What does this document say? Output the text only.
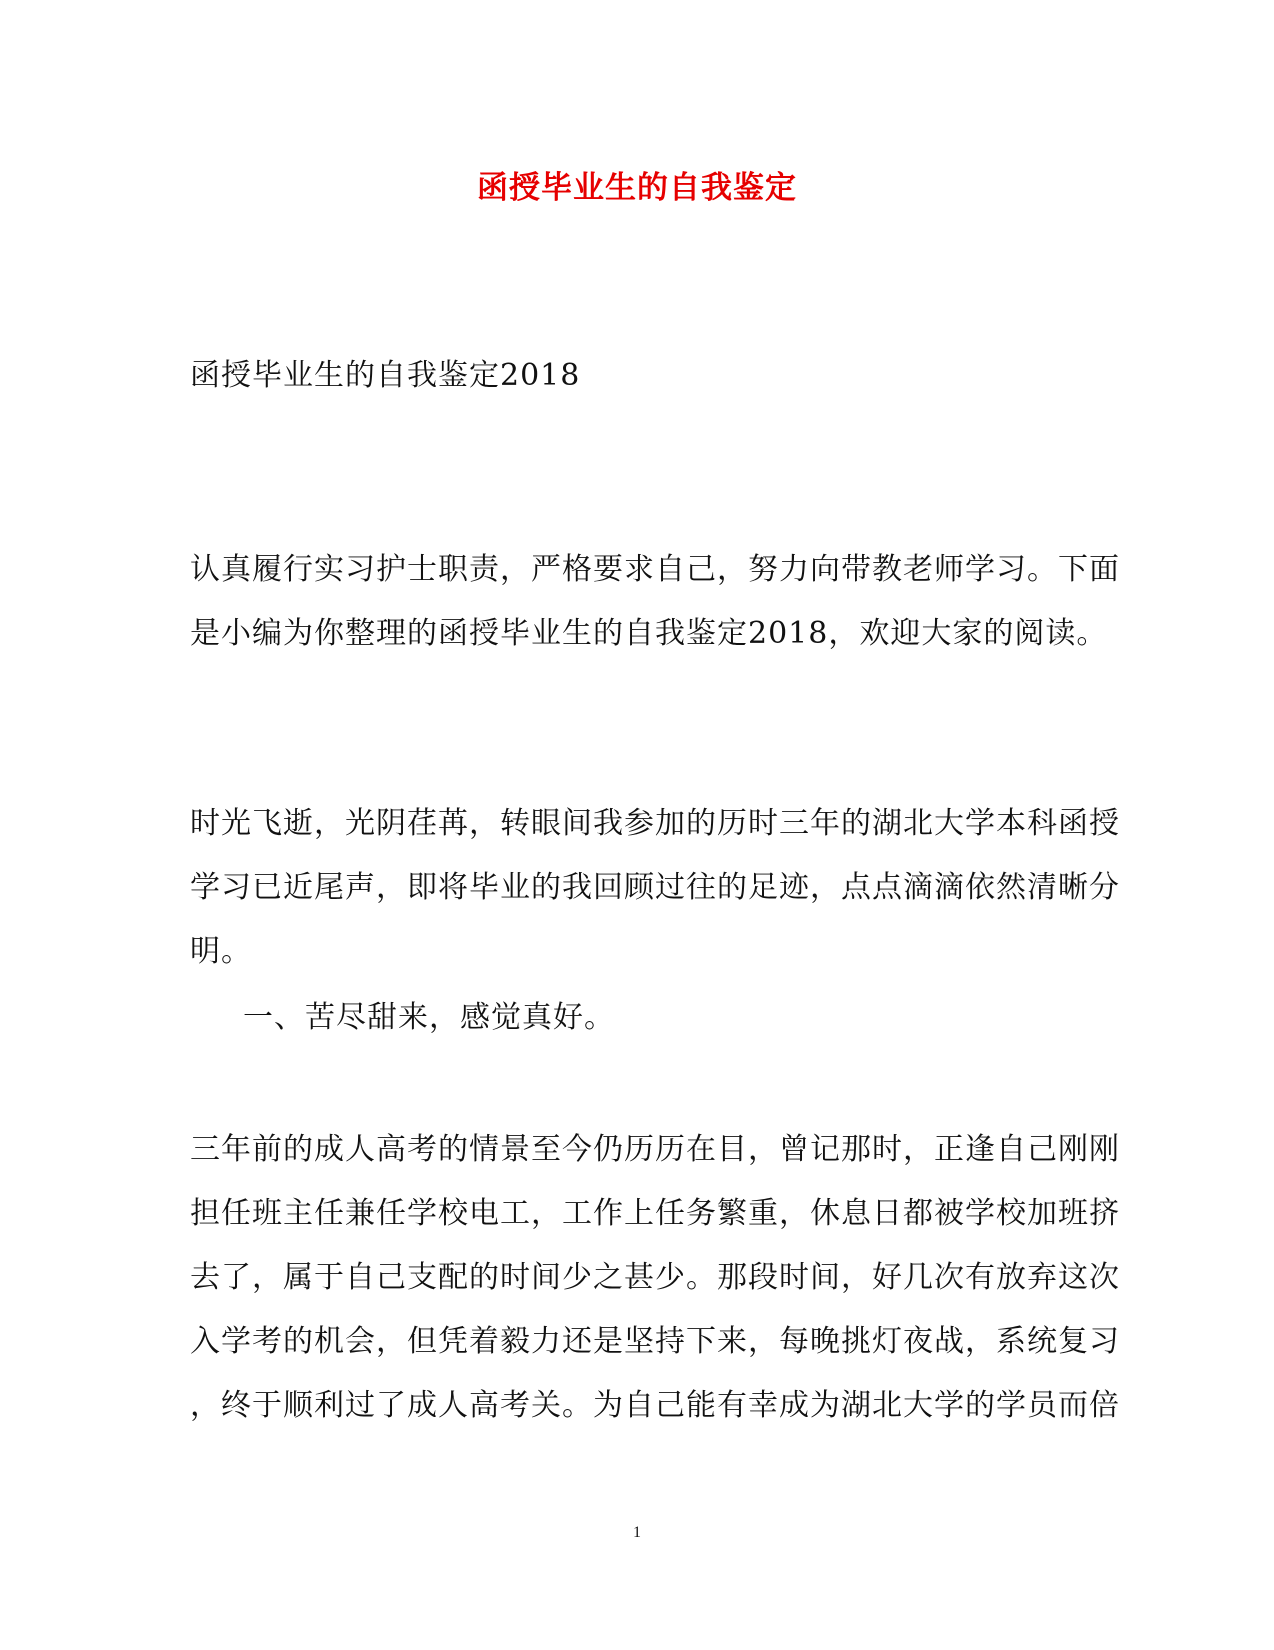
函授毕业生的自我鉴定

函授毕业生的自我鉴定2018

认真履行实习护士职责，严格要求自己，努力向带教老师学习。下面
是小编为你整理的函授毕业生的自我鉴定2018，欢迎大家的阅读。

时光飞逝，光阴荏苒，转眼间我参加的历时三年的湖北大学本科函授
学习已近尾声，即将毕业的我回顾过往的足迹，点点滴滴依然清晰分
明。

一、苦尽甜来，感觉真好。

三年前的成人高考的情景至今仍历历在目，曾记那时，正逢自己刚刚
担任班主任兼任学校电工，工作上任务繁重，休息日都被学校加班挤
去了，属于自己支配的时间少之甚少。那段时间，好几次有放弃这次
入学考的机会，但凭着毅力还是坚持下来，每晚挑灯夜战，系统复习
，终于顺利过了成人高考关。为自己能有幸成为湖北大学的学员而倍

1
